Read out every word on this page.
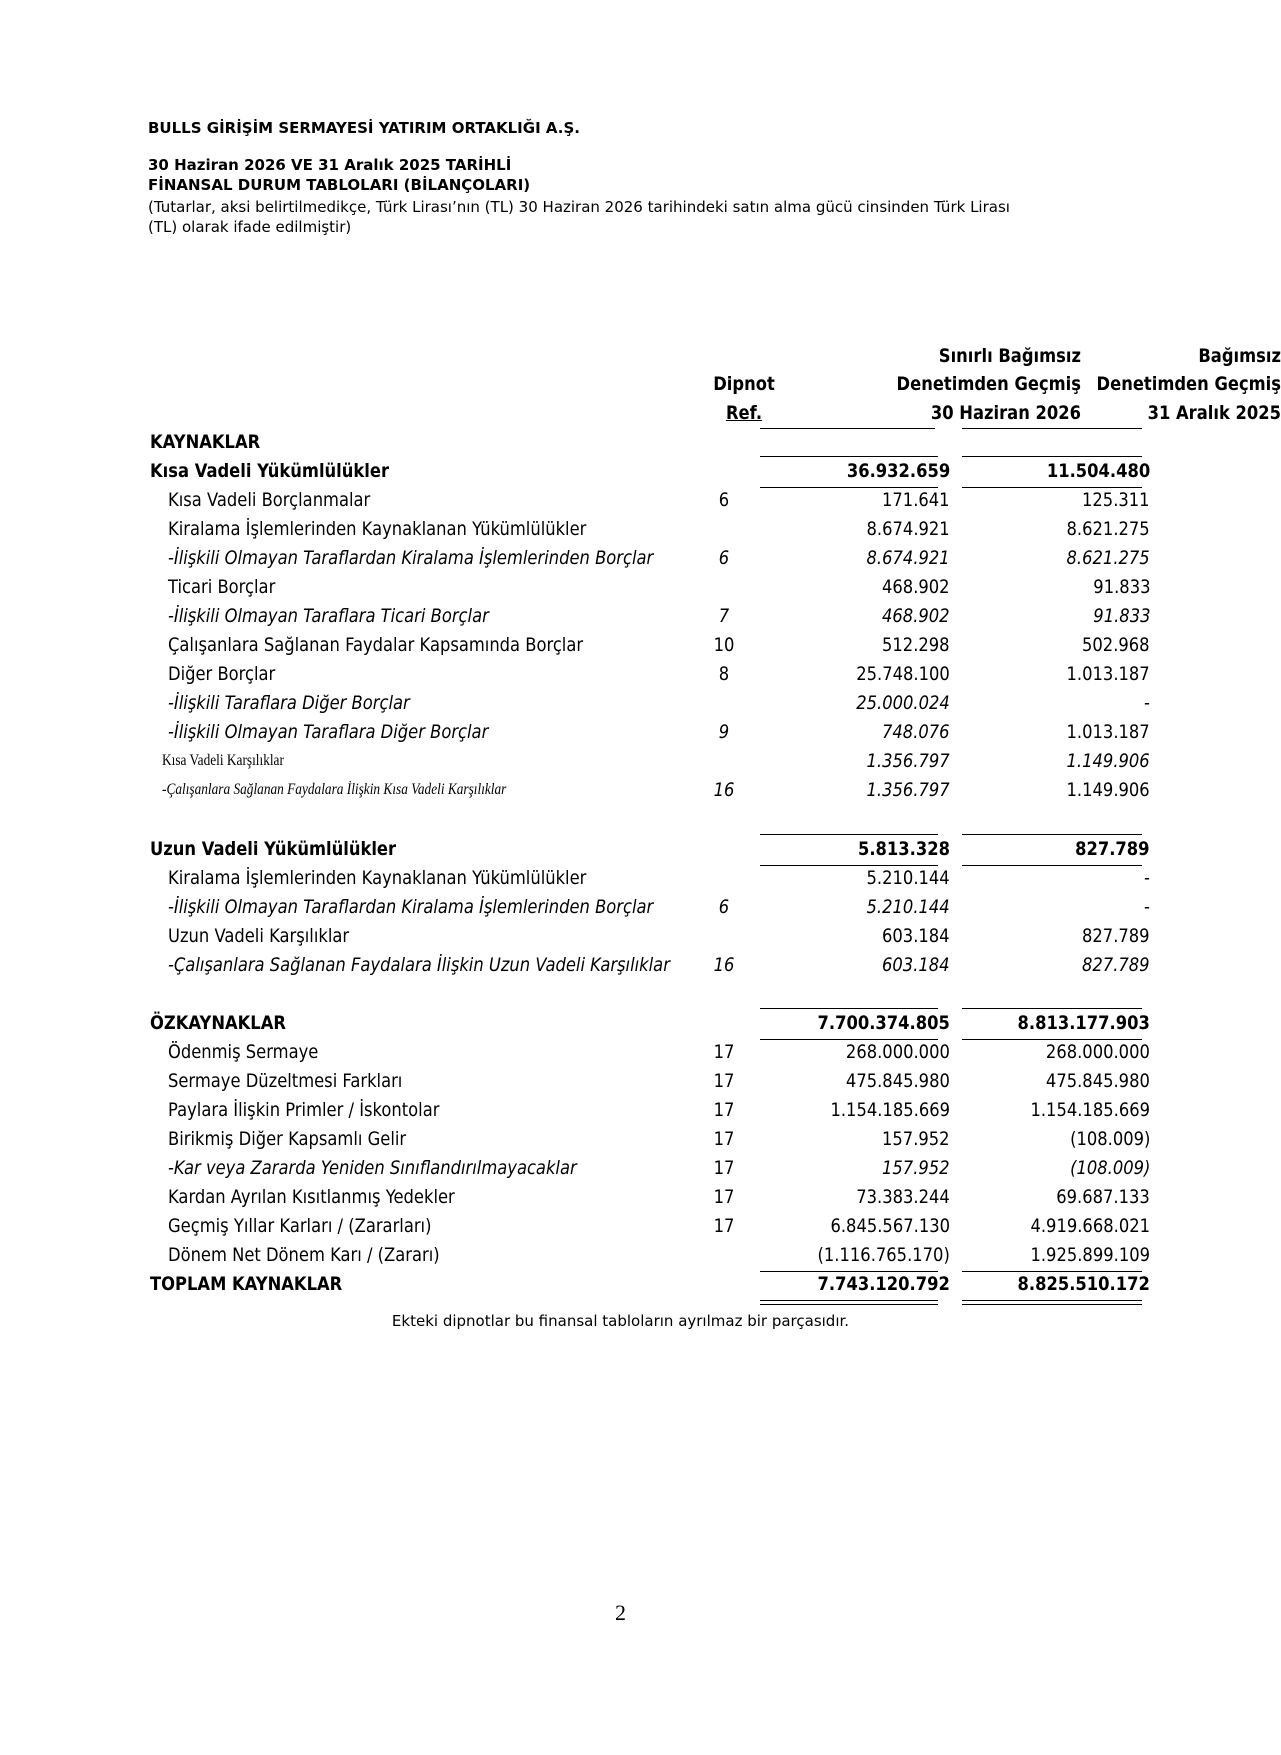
BULLS GİRİŞİM SERMAYESİ YATIRIM ORTAKLIĞI A.Ş.
30 Haziran 2026 VE 31 Aralık 2025 TARİHLİ
FİNANSAL DURUM TABLOLARI (BİLANÇOLARI)
(Tutarlar, aksi belirtilmedikçe, Türk Lirası’nın (TL) 30 Haziran 2026 tarihindeki satın alma gücü cinsinden Türk Lirası
(TL) olarak ifade edilmiştir)
Dipnot
Ref.
Sınırlı Bağımsız
Denetimden Geçmiş
30 Haziran 2026
Bağımsız
Denetimden Geçmiş
31 Aralık 2025
KAYNAKLAR
Kısa Vadeli Yükümlülükler	36.932.659	11.504.480
Kısa Vadeli Borçlanmalar	6	171.641	125.311
Kiralama İşlemlerinden Kaynaklanan Yükümlülükler	8.674.921	8.621.275
-İlişkili Olmayan Taraflardan Kiralama İşlemlerinden Borçlar	6	8.674.921	8.621.275
Ticari Borçlar	468.902	91.833
-İlişkili Olmayan Taraflara Ticari Borçlar	7	468.902	91.833
Çalışanlara Sağlanan Faydalar Kapsamında Borçlar	10	512.298	502.968
Diğer Borçlar	8	25.748.100	1.013.187
-İlişkili Taraflara Diğer Borçlar	25.000.024	-
-İlişkili Olmayan Taraflara Diğer Borçlar	9	748.076	1.013.187
Kısa Vadeli Karşılıklar	1.356.797	1.149.906
-Çalışanlara Sağlanan Faydalara İlişkin Kısa Vadeli Karşılıklar	16	1.356.797	1.149.906
Uzun Vadeli Yükümlülükler	5.813.328	827.789
Kiralama İşlemlerinden Kaynaklanan Yükümlülükler	5.210.144	-
-İlişkili Olmayan Taraflardan Kiralama İşlemlerinden Borçlar	6	5.210.144	-
Uzun Vadeli Karşılıklar	603.184	827.789
-Çalışanlara Sağlanan Faydalara İlişkin Uzun Vadeli Karşılıklar	16	603.184	827.789
ÖZKAYNAKLAR	7.700.374.805	8.813.177.903
Ödenmiş Sermaye	17	268.000.000	268.000.000
Sermaye Düzeltmesi Farkları	17	475.845.980	475.845.980
Paylara İlişkin Primler / İskontolar	17	1.154.185.669	1.154.185.669
Birikmiş Diğer Kapsamlı Gelir	17	157.952	(108.009)
-Kar veya Zararda Yeniden Sınıflandırılmayacaklar	17	157.952	(108.009)
Kardan Ayrılan Kısıtlanmış Yedekler	17	73.383.244	69.687.133
Geçmiş Yıllar Karları / (Zararları)	17	6.845.567.130	4.919.668.021
Dönem Net Dönem Karı / (Zararı)	(1.116.765.170)	1.925.899.109
TOPLAM KAYNAKLAR	7.743.120.792	8.825.510.172
Ekteki dipnotlar bu finansal tabloların ayrılmaz bir parçasıdır.
2
